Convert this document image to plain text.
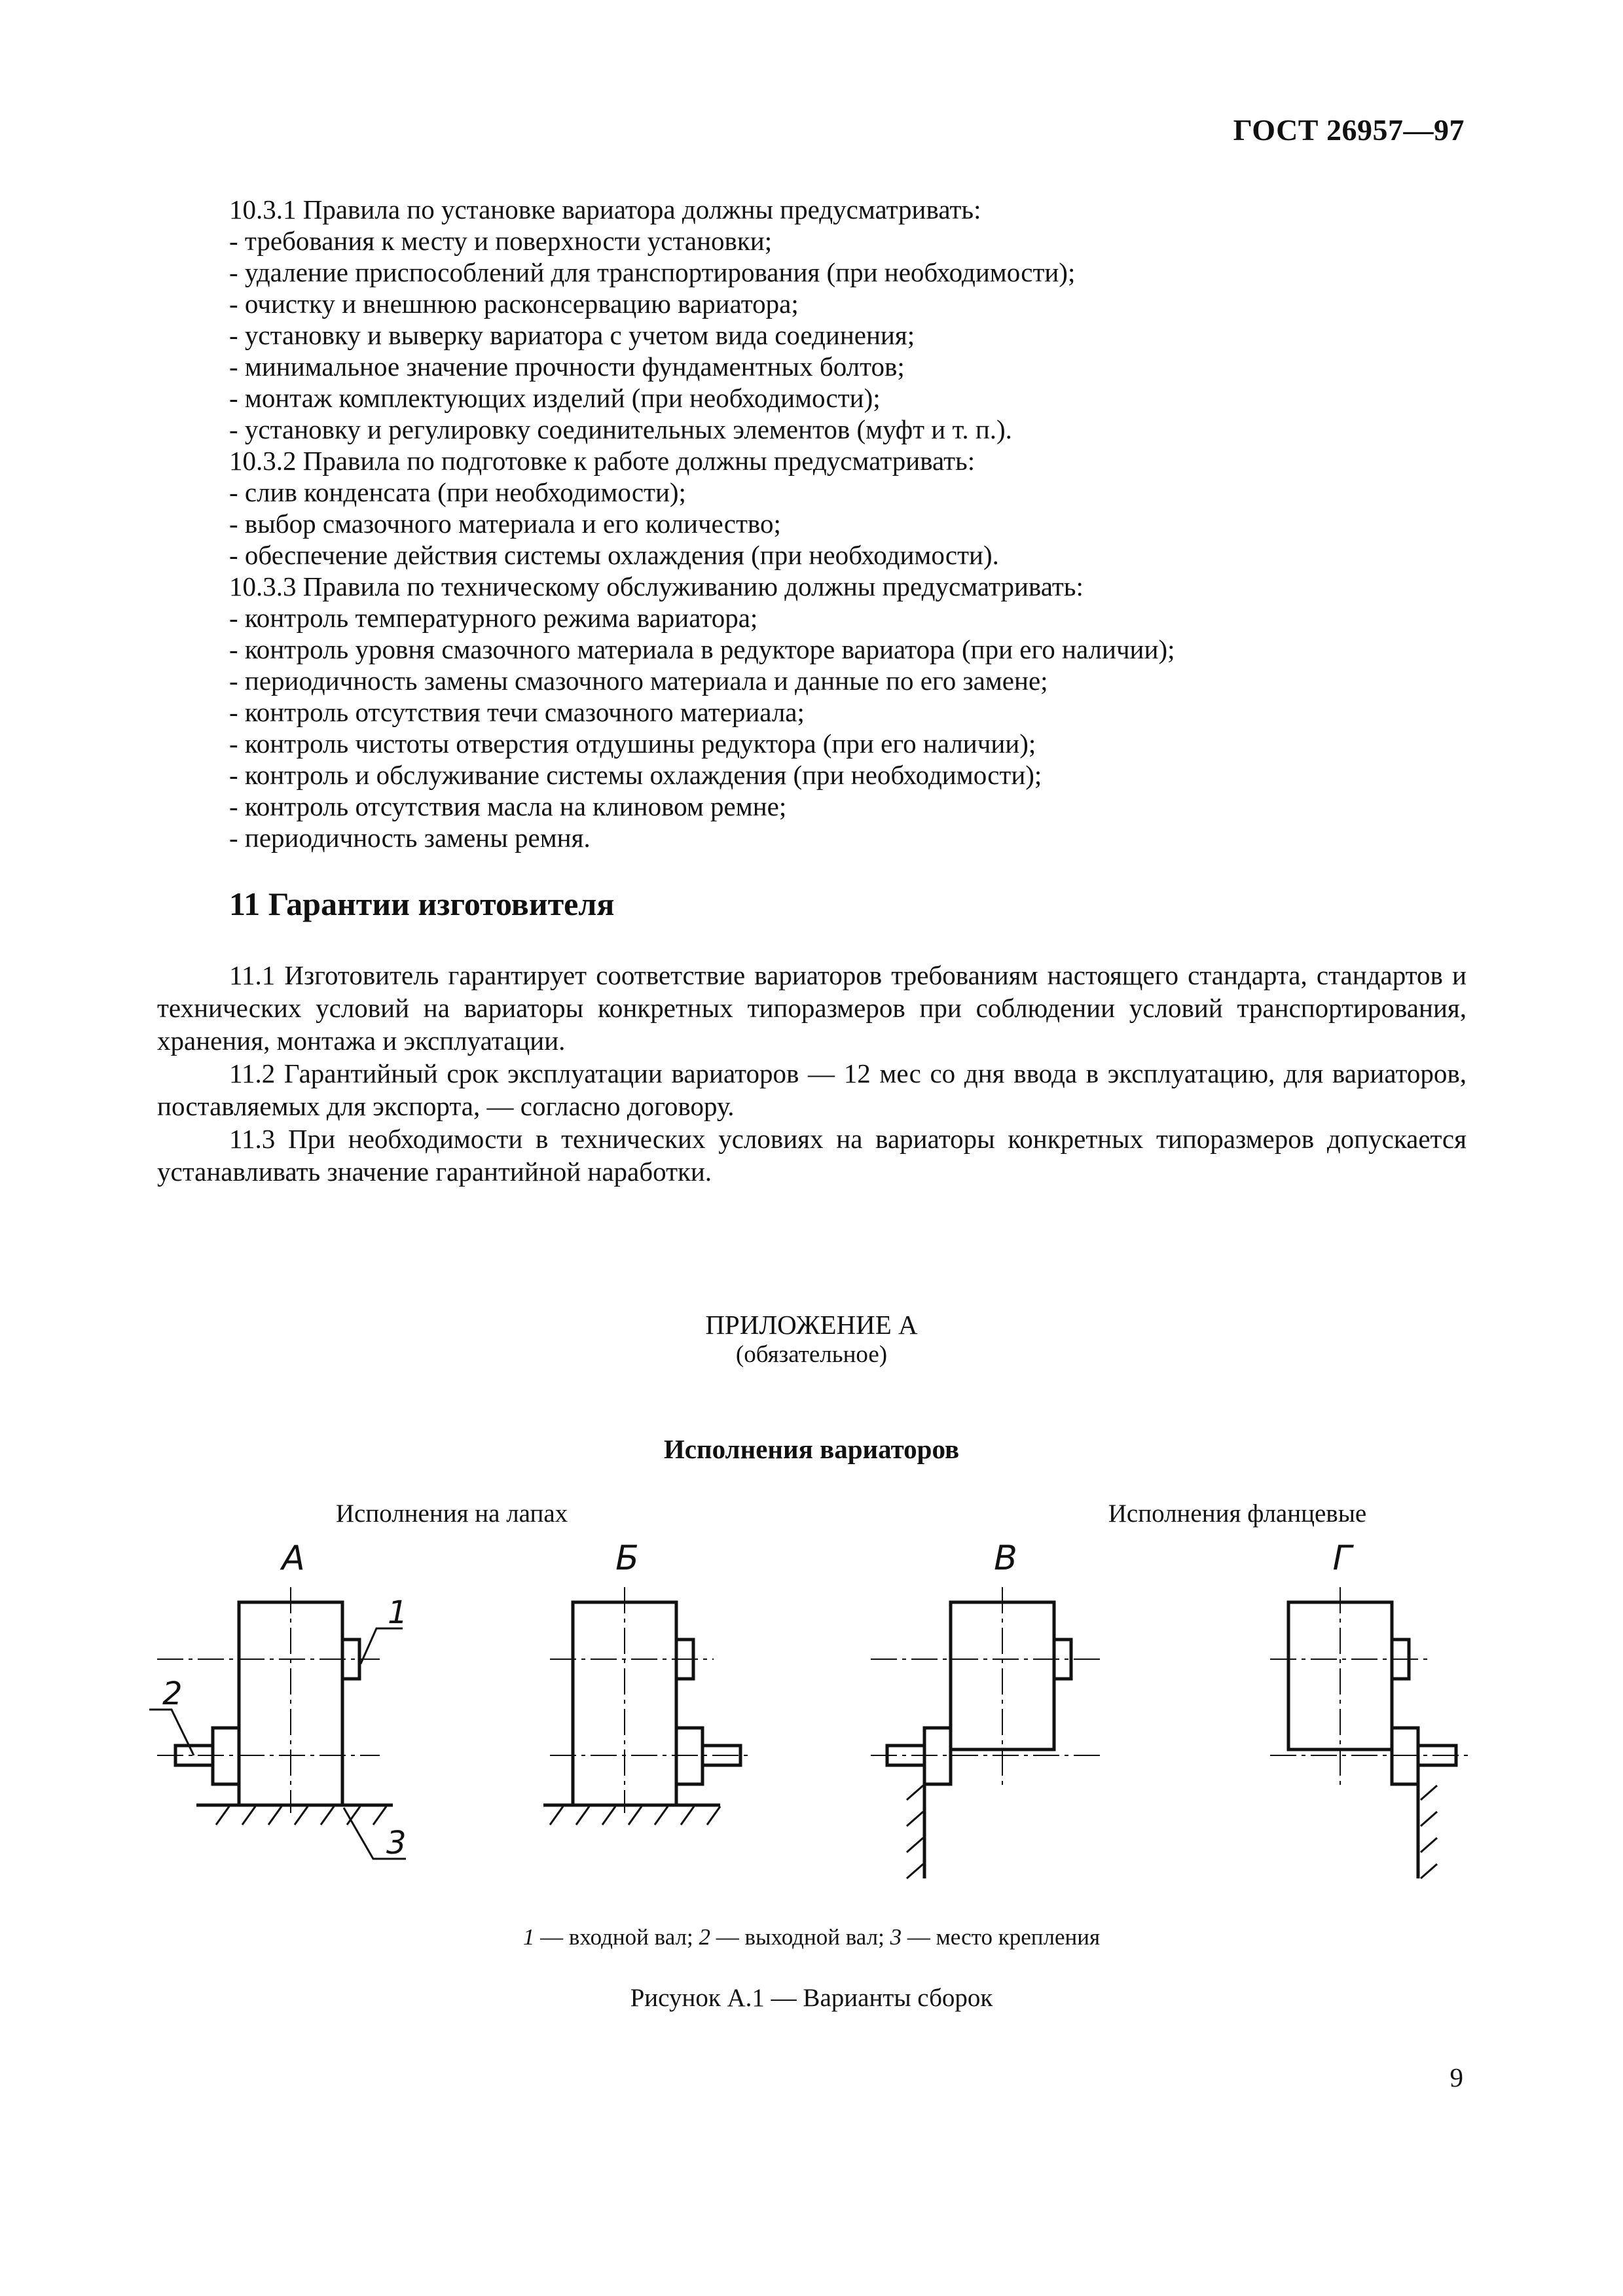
ГОСТ 26957—97
10.3.1 Правила по установке вариатора должны предусматривать:
- требования к месту и поверхности установки;
- удаление приспособлений для транспортирования (при необходимости);
- очистку и внешнюю расконсервацию вариатора;
- установку и выверку вариатора с учетом вида соединения;
- минимальное значение прочности фундаментных болтов;
- монтаж комплектующих изделий (при необходимости);
- установку и регулировку соединительных элементов (муфт и т. п.).
10.3.2 Правила по подготовке к работе должны предусматривать:
- слив конденсата (при необходимости);
- выбор смазочного материала и его количество;
- обеспечение действия системы охлаждения (при необходимости).
10.3.3 Правила по техническому обслуживанию должны предусматривать:
- контроль температурного режима вариатора;
- контроль уровня смазочного материала в редукторе вариатора (при его наличии);
- периодичность замены смазочного материала и данные по его замене;
- контроль отсутствия течи смазочного материала;
- контроль чистоты отверстия отдушины редуктора (при его наличии);
- контроль и обслуживание системы охлаждения (при необходимости);
- контроль отсутствия масла на клиновом ремне;
- периодичность замены ремня.
11 Гарантии изготовителя
11.1 Изготовитель гарантирует соответствие вариаторов требованиям настоящего стандарта, стандартов и технических условий на вариаторы конкретных типоразмеров при соблюдении условий транспортирования, хранения, монтажа и эксплуатации.
11.2 Гарантийный срок эксплуатации вариаторов — 12 мес со дня ввода в эксплуатацию, для вариаторов, поставляемых для экспорта, — согласно договору.
11.3 При необходимости в технических условиях на вариаторы конкретных типоразмеров допускается устанавливать значение гарантийной наработки.
ПРИЛОЖЕНИЕ А
(обязательное)
Исполнения вариаторов
Исполнения на лапах	Исполнения фланцевые
А	Б	В	Г
1
2
3
1 — входной вал; 2 — выходной вал; 3 — место крепления
Рисунок А.1 — Варианты сборок
9
